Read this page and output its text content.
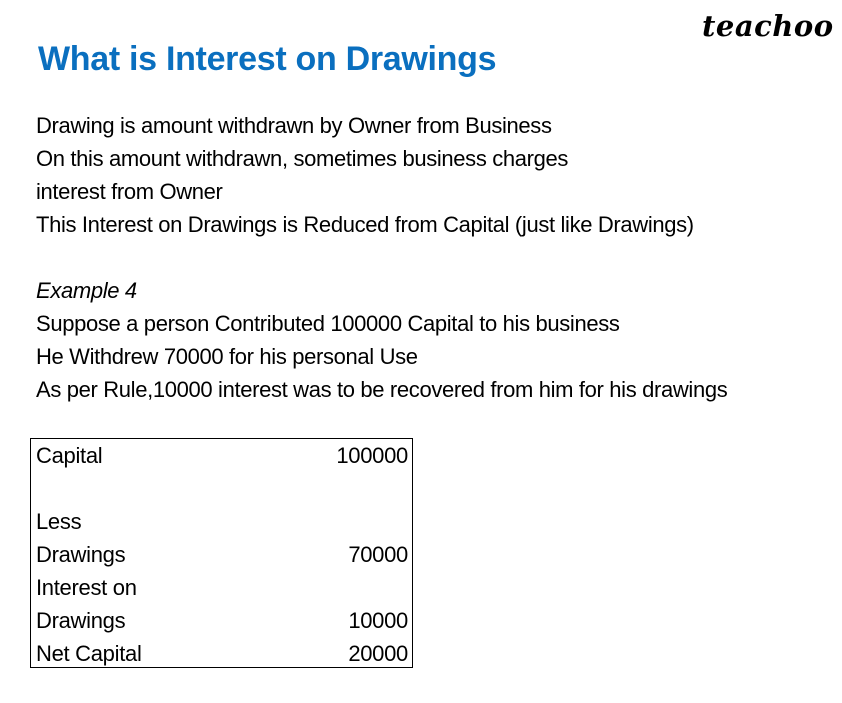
teachoo
What is Interest on Drawings
Drawing is amount withdrawn by Owner from Business
On this amount withdrawn, sometimes business charges
interest from Owner
This Interest on Drawings is Reduced from Capital (just like Drawings)
Example 4
Suppose a person Contributed 100000 Capital to his business
He Withdrew 70000 for his personal Use
As per Rule,10000 interest was to be recovered from him for his drawings
Capital	100000
Less
Drawings	70000
Interest on
Drawings	10000
Net Capital	20000
